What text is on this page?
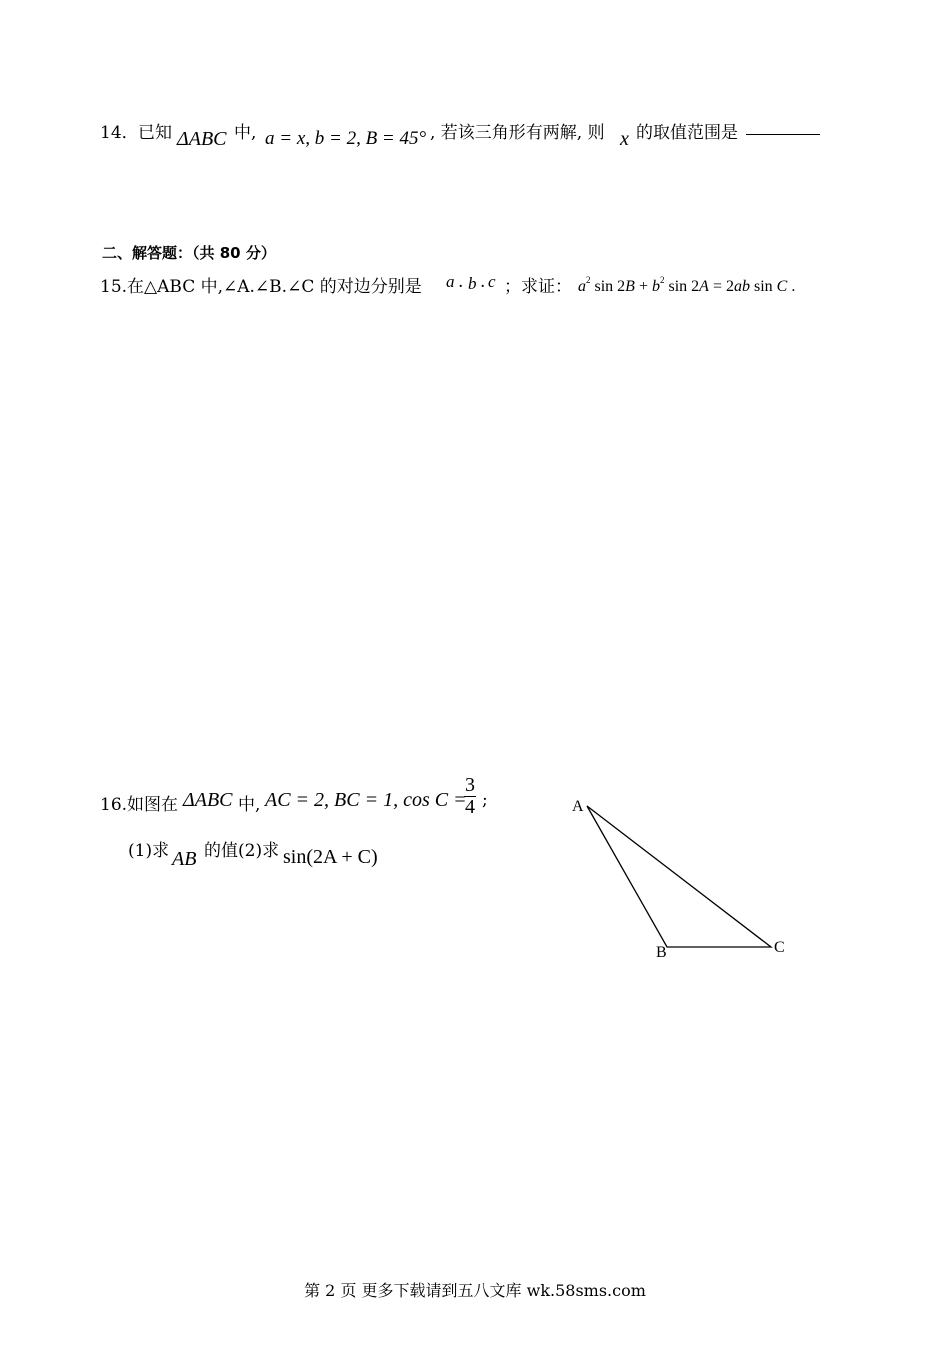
14． 已知 ΔABC 中, a = x, b = 2, B = 45° , 若该三角形有两解, 则 x 的取值范围是
二、解答题：（共 80 分）
15.在△ABC 中,∠A.∠B.∠C 的对边分别是 a . b . c ；求证： $a^2$ $\sin 2B + b^2$ sin 2A = 2ab sin C .
16.如图在 ΔABC 中, AC = 2, BC = 1, cos C =
$\frac{3}{4}$ ;
(1)求 AB 的值(2)求 sin(2A + C)
A
B	C
第 2 页 更多下载请到五八文库 wk.58sms.com
